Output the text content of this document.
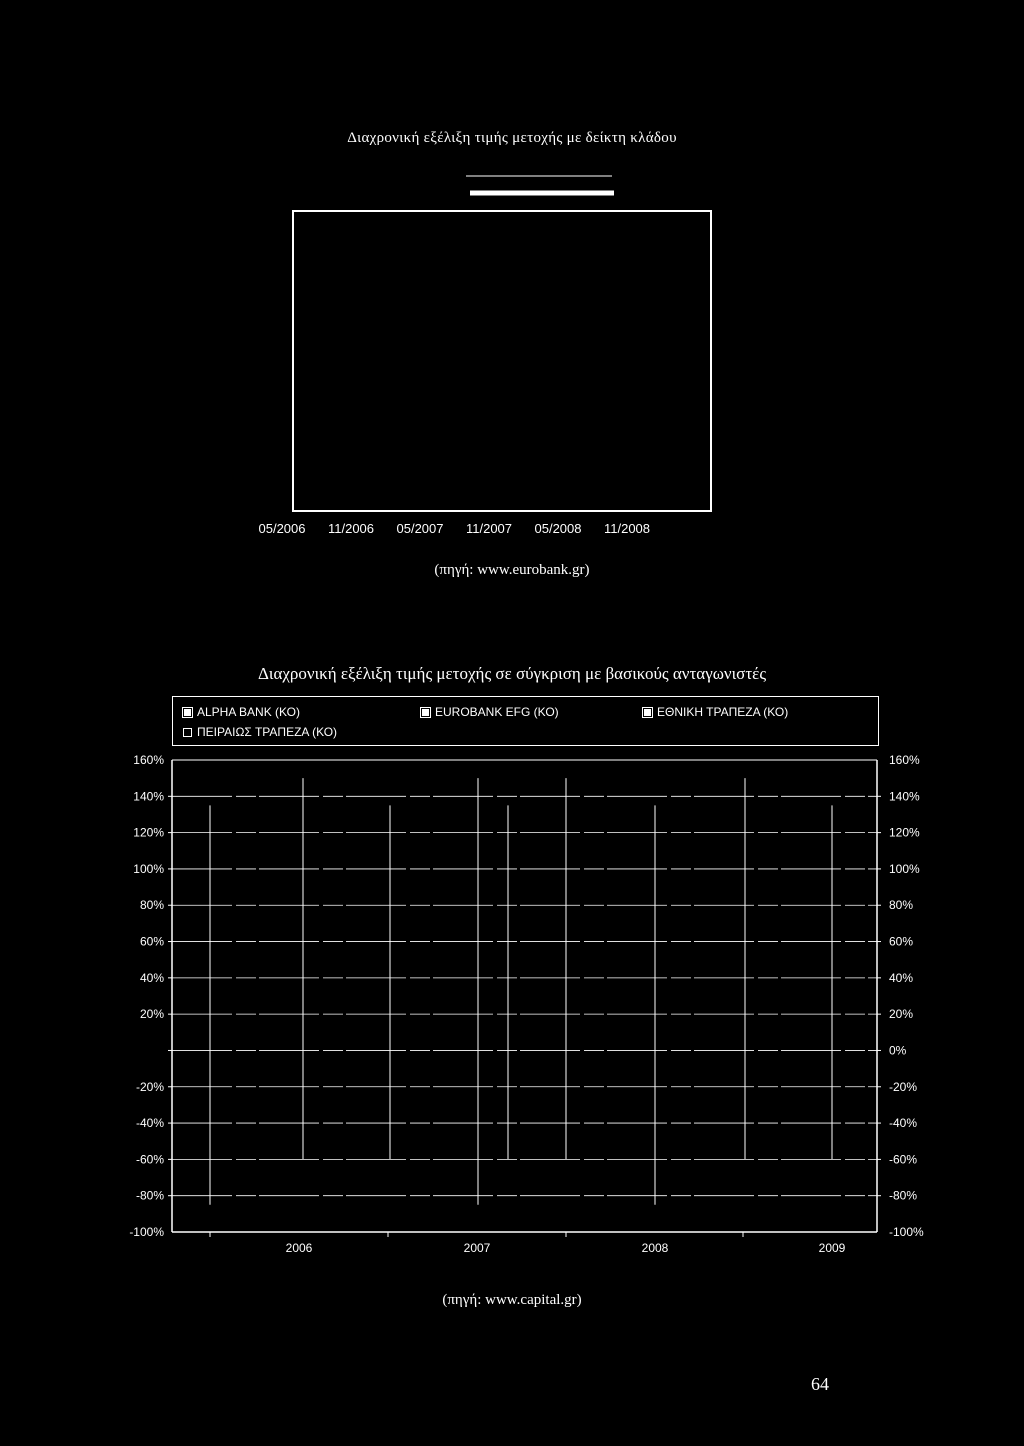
Διαχρονική εξέλιξη τιμής μετοχής με δείκτη κλάδου
05/2006 11/2006 05/2007 11/2007 05/2008 11/2008
(πηγή: www.eurobank.gr)
Διαχρονική εξέλιξη τιμής μετοχής σε σύγκριση με βασικούς ανταγωνιστές
ALPHA BANK (ΚΟ)	EUROBANK EFG (ΚΟ)	ΕΘΝΙΚΗ ΤΡΑΠΕΖΑ (ΚΟ)
ΠΕΙΡΑΙΩΣ ΤΡΑΠΕΖΑ (ΚΟ)
160%
140%
120%
100%
80%
60%
40%
20%
-20%
-40%
-60%
-80%
-100%
160%
140%
120%
100%
80%
60%
40%
20%
0%
-20%
-40%
-60%
-80%
-100%
2006	2007	2008	2009
(πηγή: www.capital.gr)
64
